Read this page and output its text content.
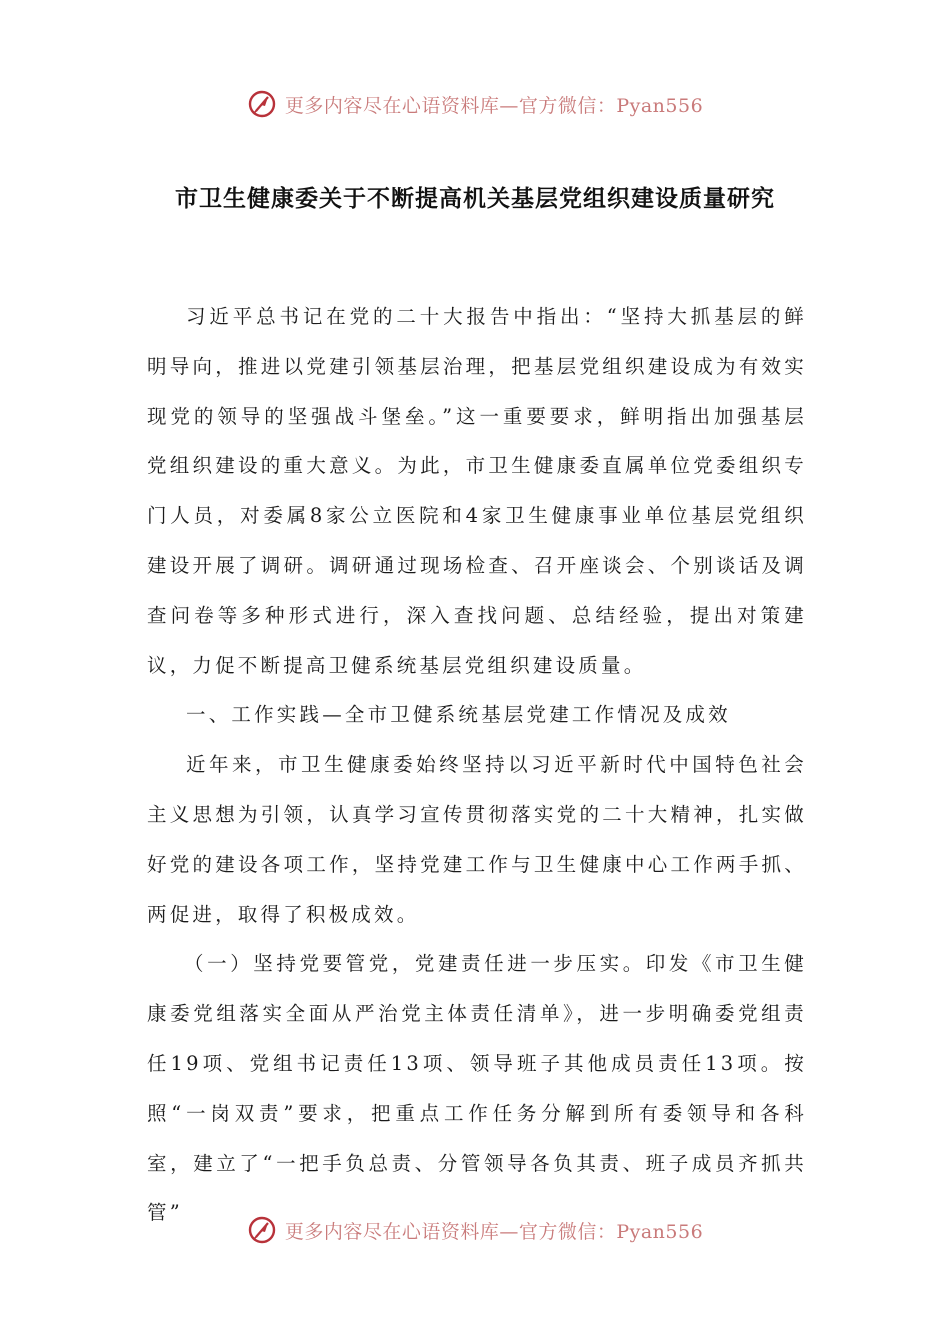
更多内容尽在心语资料库—官方微信：Pyan556
市卫生健康委关于不断提高机关基层党组织建设质量研究

习近平总书记在党的二十大报告中指出：“坚持大抓基层的鲜明导向，推进以党建引领基层治理，把基层党组织建设成为有效实现党的领导的坚强战斗堡垒。”这一重要要求，鲜明指出加强基层党组织建设的重大意义。为此，市卫生健康委直属单位党委组织专门人员，对委属8家公立医院和4家卫生健康事业单位基层党组织建设开展了调研。调研通过现场检查、召开座谈会、个别谈话及调查问卷等多种形式进行，深入查找问题、总结经验，提出对策建议，力促不断提高卫健系统基层党组织建设质量。

一、工作实践—全市卫健系统基层党建工作情况及成效

近年来，市卫生健康委始终坚持以习近平新时代中国特色社会主义思想为引领，认真学习宣传贯彻落实党的二十大精神，扎实做好党的建设各项工作，坚持党建工作与卫生健康中心工作两手抓、两促进，取得了积极成效。

（一）坚持党要管党，党建责任进一步压实。印发《市卫生健康委党组落实全面从严治党主体责任清单》，进一步明确委党组责任19项、党组书记责任13项、领导班子其他成员责任13项。按照“一岗双责”要求，把重点工作任务分解到所有委领导和各科室，建立了“一把手负总责、分管领导各负其责、班子成员齐抓共管”

更多内容尽在心语资料库—官方微信：Pyan556
